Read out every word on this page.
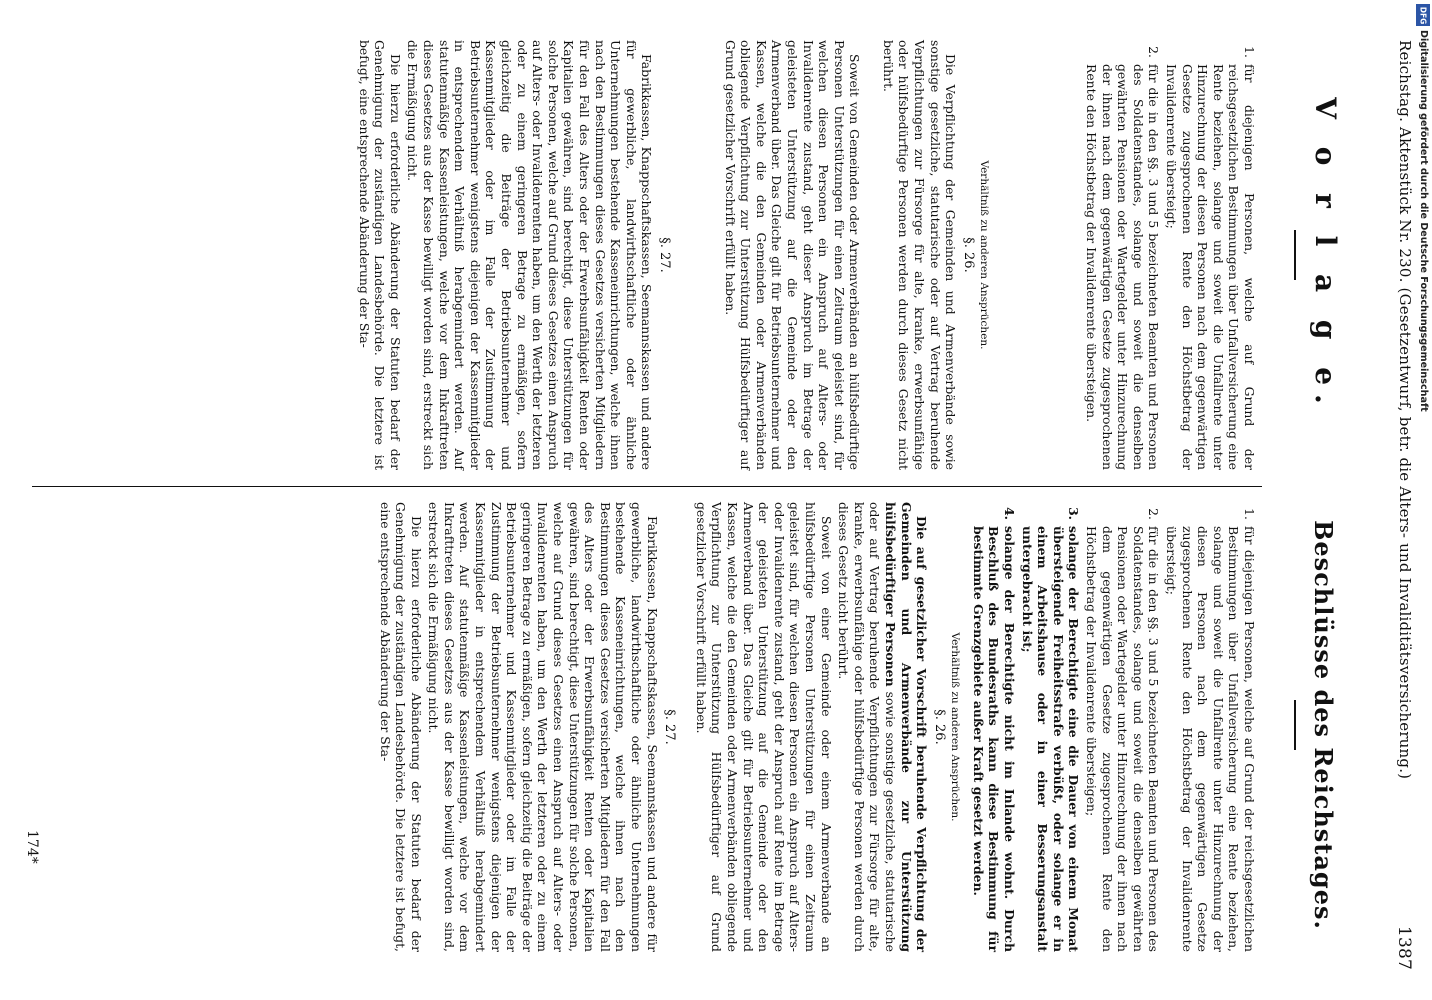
Reichstag. Aktenstück Nr. 230. (Gesetzentwurf, betr. die Alters- und Invaliditätsversicherung.)
1387
V o r l a g e.
1.
für diejenigen Personen, welche auf Grund der reichsgesetzlichen Bestimmungen über Unfallversicherung eine Rente beziehen, solange und soweit die Unfallrente unter Hinzurechnung der diesen Personen nach dem gegenwärtigen Gesetze zugesprochenen Rente den Höchstbetrag der Invalidenrente übersteigt;
2.
für die in den §§. 3 und 5 bezeichneten Beamten und Personen des Soldatenstandes, solange und soweit die denselben gewährten Pensionen oder Wartegelder unter Hinzurechnung der ihnen nach dem gegenwärtigen Gesetze zugesprochenen Rente den Höchstbetrag der Invalidenrente übersteigen.
Verhältniß zu anderen Ansprüchen.
§. 26.

Die Verpflichtung der Gemeinden und Armenverbände sowie sonstige gesetzliche, statutarische oder auf Vertrag beruhende Verpflichtungen zur Fürsorge für alte, kranke, erwerbsunfähige oder hülfsbedürftige Personen werden durch dieses Gesetz nicht berührt.

Soweit von Gemeinden oder Armenverbänden an hülfsbedürftige Personen Unterstützungen für einen Zeitraum geleistet sind, für welchen diesen Personen ein Anspruch auf Alters- oder Invalidenrente zustand, geht dieser Anspruch im Betrage der geleisteten Unterstützung auf die Gemeinde oder den Armenverband über. Das Gleiche gilt für Betriebsunternehmer und Kassen, welche die den Gemeinden oder Armenverbänden obliegende Verpflichtung zur Unterstützung Hülfsbedürftiger auf Grund gesetzlicher Vorschrift erfüllt haben.

§. 27.

Fabrikkassen, Knappschaftskassen, Seemannskassen und andere für gewerbliche, landwirthschaftliche oder ähnliche Unternehmungen bestehende Kasseneinrichtungen, welche ihnen nach den Bestimmungen dieses Gesetzes versicherten Mitgliedern für den Fall des Alters oder der Erwerbsunfähigkeit Renten oder Kapitalien gewähren, sind berechtigt, diese Unterstützungen für solche Personen, welche auf Grund dieses Gesetzes einen Anspruch auf Alters- oder Invalidenrenten haben, um den Werth der letzteren oder zu einem geringeren Betrage zu ermäßigen, sofern gleichzeitig die Beiträge der Betriebsunternehmer und Kassenmitglieder oder im Falle der Zustimmung der Betriebsunternehmer wenigstens diejenigen der Kassenmitglieder in entsprechendem Verhältniß herabgemindert werden. Auf statutenmäßige Kassenleistungen, welche vor dem Inkrafttreten dieses Gesetzes aus der Kasse bewilligt worden sind, erstreckt sich die Ermäßigung nicht.

Die hierzu erforderliche Abänderung der Statuten bedarf der Genehmigung der zuständigen Landesbehörde. Die letztere ist befugt, eine entsprechende Abänderung der Sta-

Beschlüsse des Reichstages.
1.
für diejenigen Personen, welche auf Grund der reichsgesetzlichen Bestimmungen über Unfallversicherung eine Rente beziehen, solange und soweit die Unfallrente unter Hinzurechnung der diesen Personen nach dem gegenwärtigen Gesetze zugesprochenen Rente den Höchstbetrag der Invalidenrente übersteigt;
2.
für die in den §§. 3 und 5 bezeichneten Beamten und Personen des Soldatenstandes, solange und soweit die denselben gewährten Pensionen oder Wartegelder unter Hinzurechnung der ihnen nach dem gegenwärtigen Gesetze zugesprochenen Rente den Höchstbetrag der Invalidenrente übersteigen;
3.
solange der Berechtigte eine die Dauer von einem Monat übersteigende Freiheitsstrafe verbüßt, oder solange er in einem Arbeitshause oder in einer Besserungsanstalt untergebracht ist;
4.
solange der Berechtigte nicht im Inlande wohnt. Durch Beschluß des Bundesraths kann diese Bestimmung für bestimmte Grenzgebiete außer Kraft gesetzt werden.
Verhältniß zu anderen Ansprüchen.
§. 26.

Die auf gesetzlicher Vorschrift beruhende Verpflichtung der Gemeinden und Armenverbände zur Unterstützung hülfsbedürftiger Personen sowie sonstige gesetzliche, statutarische oder auf Vertrag beruhende Verpflichtungen zur Fürsorge für alte, kranke, erwerbsunfähige oder hülfsbedürftige Personen werden durch dieses Gesetz nicht berührt.

Soweit von einer Gemeinde oder einem Armenverbande an hülfsbedürftige Personen Unterstützungen für einen Zeitraum geleistet sind, für welchen diesen Personen ein Anspruch auf Alters- oder Invalidenrente zustand, geht der Anspruch auf Rente im Betrage der geleisteten Unterstützung auf die Gemeinde oder den Armenverband über. Das Gleiche gilt für Betriebsunternehmer und Kassen, welche die den Gemeinden oder Armenverbänden obliegende Verpflichtung zur Unterstützung Hülfsbedürftiger auf Grund gesetzlicher Vorschrift erfüllt haben.

§. 27.

Fabrikkassen, Knappschaftskassen, Seemannskassen und andere für gewerbliche, landwirthschaftliche oder ähnliche Unternehmungen bestehende Kasseneinrichtungen, welche ihnen nach den Bestimmungen dieses Gesetzes versicherten Mitgliedern für den Fall des Alters oder der Erwerbsunfähigkeit Renten oder Kapitalien gewähren, sind berechtigt, diese Unterstützungen für solche Personen, welche auf Grund dieses Gesetzes einen Anspruch auf Alters- oder Invalidenrenten haben, um den Werth der letzteren oder zu einem geringeren Betrage zu ermäßigen, sofern gleichzeitig die Beiträge der Betriebsunternehmer und Kassenmitglieder oder im Falle der Zustimmung der Betriebsunternehmer wenigstens diejenigen der Kassenmitglieder in entsprechendem Verhältniß herabgemindert werden. Auf statutenmäßige Kassenleistungen, welche vor dem Inkrafttreten dieses Gesetzes aus der Kasse bewilligt worden sind, erstreckt sich die Ermäßigung nicht.

Die hierzu erforderliche Abänderung der Statuten bedarf der Genehmigung der zuständigen Landesbehörde. Die letztere ist befugt, eine entsprechende Abänderung der Sta-

174*
DFG
Digitalisierung gefördert durch die Deutsche Forschungsgemeinschaft
